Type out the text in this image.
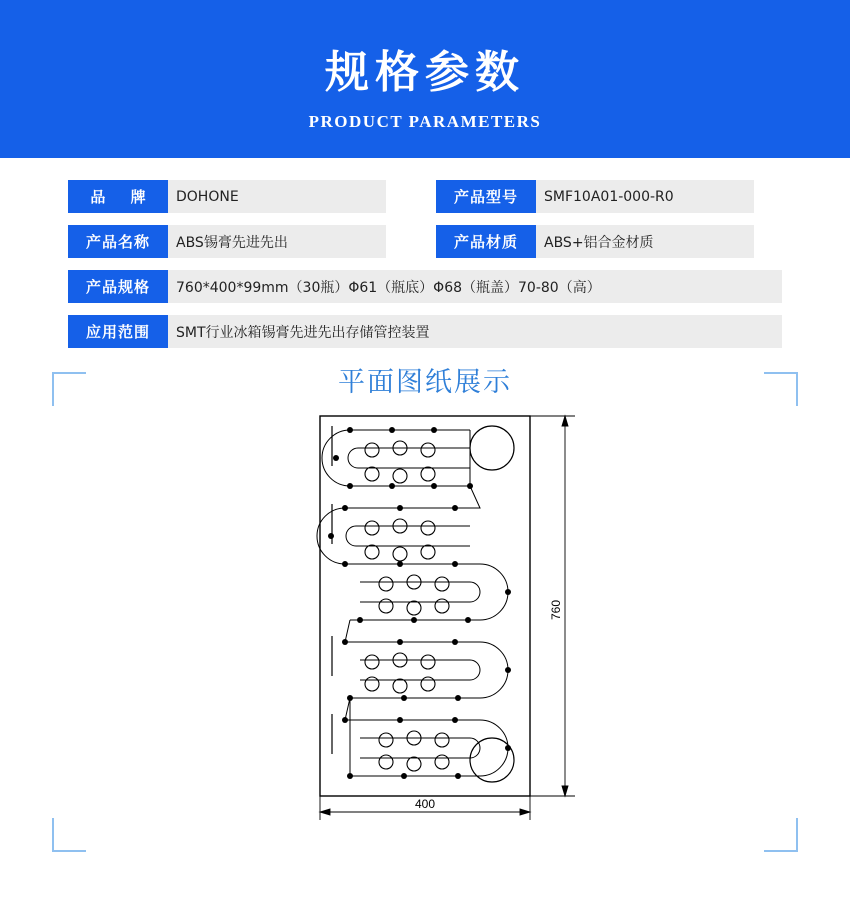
规格参数
PRODUCT PARAMETERS
品 牌	DOHONE	产品型号	SMF10A01-000-R0
产品名称	ABS锡膏先进先出	产品材质	ABS+铝合金材质
产品规格	760*400*99mm（30瓶）Φ61（瓶底）Φ68（瓶盖）70-80（高）
应用范围	SMT行业冰箱锡膏先进先出存储管控装置
平面图纸展示
760
400
